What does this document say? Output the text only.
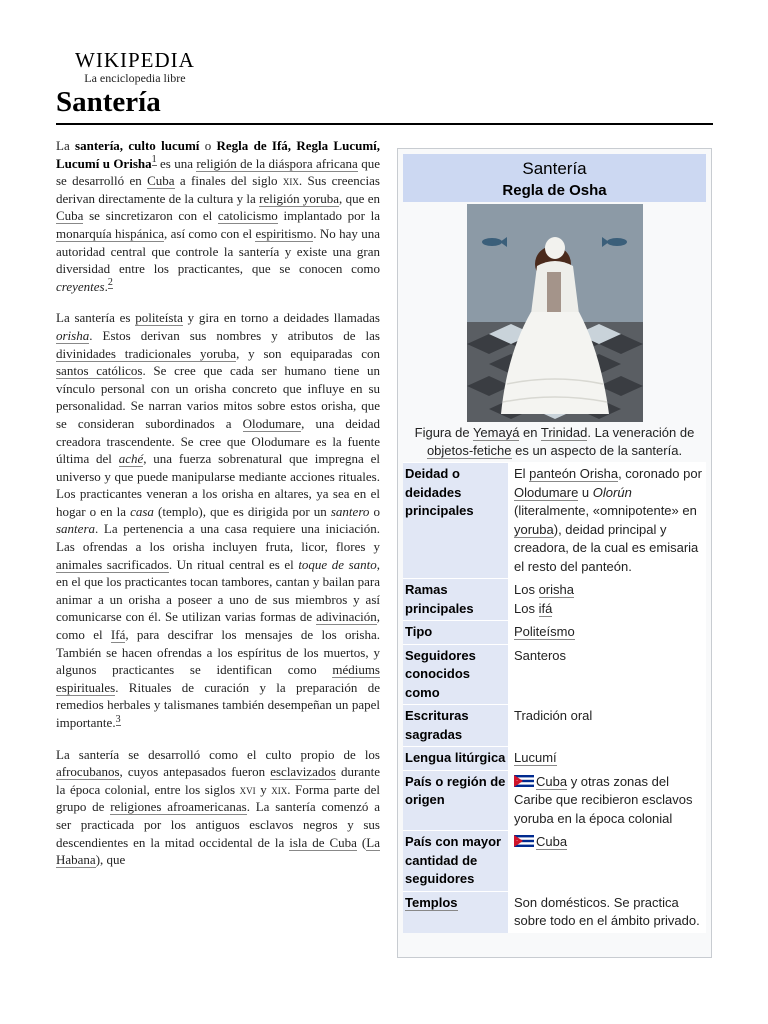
WIKIPEDIA
La enciclopedia libre
Santería

La santería, culto lucumí o Regla de Ifá, Regla Lucumí, Lucumí u Orisha$^1$ es una religión de la diáspora africana que se desarrolló en Cuba a finales del siglo xix. Sus creencias derivan directamente de la cultura y la religión yoruba, que en Cuba se sincretizaron con el catolicismo implantado por la monarquía hispánica, así como con el espiritismo. No hay una autoridad central que controle la santería y existe una gran diversidad entre los practicantes, que se conocen como creyentes.$^2$

La santería es politeísta y gira en torno a deidades llamadas orisha. Estos derivan sus nombres y atributos de las divinidades tradicionales yoruba, y son equiparadas con santos católicos. Se cree que cada ser humano tiene un vínculo personal con un orisha concreto que influye en su personalidad. Se narran varios mitos sobre estos orisha, que se consideran subordinados a Olodumare, una deidad creadora trascendente. Se cree que Olodumare es la fuente última del aché, una fuerza sobrenatural que impregna el universo y que puede manipularse mediante acciones rituales. Los practicantes veneran a los orisha en altares, ya sea en el hogar o en la casa (templo), que es dirigida por un santero o santera. La pertenencia a una casa requiere una iniciación. Las ofrendas a los orisha incluyen fruta, licor, flores y animales sacrificados. Un ritual central es el toque de santo, en el que los practicantes tocan tambores, cantan y bailan para animar a un orisha a poseer a uno de sus miembros y así comunicarse con él. Se utilizan varias formas de adivinación, como el Ifá, para descifrar los mensajes de los orisha. También se hacen ofrendas a los espíritus de los muertos, y algunos practicantes se identifican como médiums espirituales. Rituales de curación y la preparación de remedios herbales y talismanes también desempeñan un papel importante.$^3$

La santería se desarrolló como el culto propio de los afrocubanos, cuyos antepasados fueron esclavizados durante la época colonial, entre los siglos xvi y xix. Forma parte del grupo de religiones afroamericanas. La santería comenzó a ser practicada por los antiguos esclavos negros y sus descendientes en la mitad occidental de la isla de Cuba (La Habana), que

Santería
Regla de Osha
Figura de Yemayá en Trinidad. La veneración de objetos-fetiche es un aspecto de la santería.
Deidad o deidades principales
El panteón Orisha, coronado por Olodumare u Olorún (literalmente, «omnipotente» en yoruba), deidad principal y creadora, de la cual es emisaria el resto del panteón.
Ramas principales
Los orisha
Los ifá
Tipo	Politeísmo
Seguidores conocidos como
Santeros
Escrituras sagradas
Tradición oral
Lengua litúrgica Lucumí
País o región de origen
Cuba y otras zonas del Caribe que recibieron esclavos yoruba en la época colonial
País con mayor cantidad de seguidores
Cuba
Templos	Son domésticos. Se practica sobre todo en el ámbito privado.
